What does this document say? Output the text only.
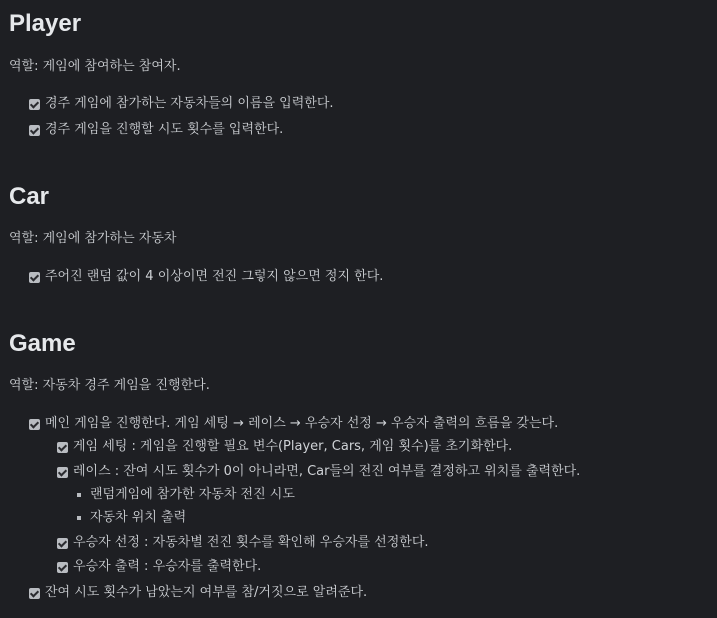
Player
역할: 게임에 참여하는 참여자.
경주 게임에 참가하는 자동차들의 이름을 입력한다.
경주 게임을 진행할 시도 횟수를 입력한다.
Car
역할: 게임에 참가하는 자동차
주어진 랜덤 값이 4 이상이면 전진 그렇지 않으면 정지 한다.
Game
역할: 자동차 경주 게임을 진행한다.
메인 게임을 진행한다. 게임 세팅 → 레이스 → 우승자 선정 → 우승자 출력의 흐름을 갖는다.
게임 세팅 : 게임을 진행할 필요 변수(Player, Cars, 게임 횟수)를 초기화한다.
레이스 : 잔여 시도 횟수가 0이 아니라면, Car들의 전진 여부를 결정하고 위치를 출력한다.
랜덤게임에 참가한 자동차 전진 시도
자동차 위치 출력
우승자 선정 : 자동차별 전진 횟수를 확인해 우승자를 선정한다.
우승자 출력 : 우승자를 출력한다.
잔여 시도 횟수가 남았는지 여부를 참/거짓으로 알려준다.
